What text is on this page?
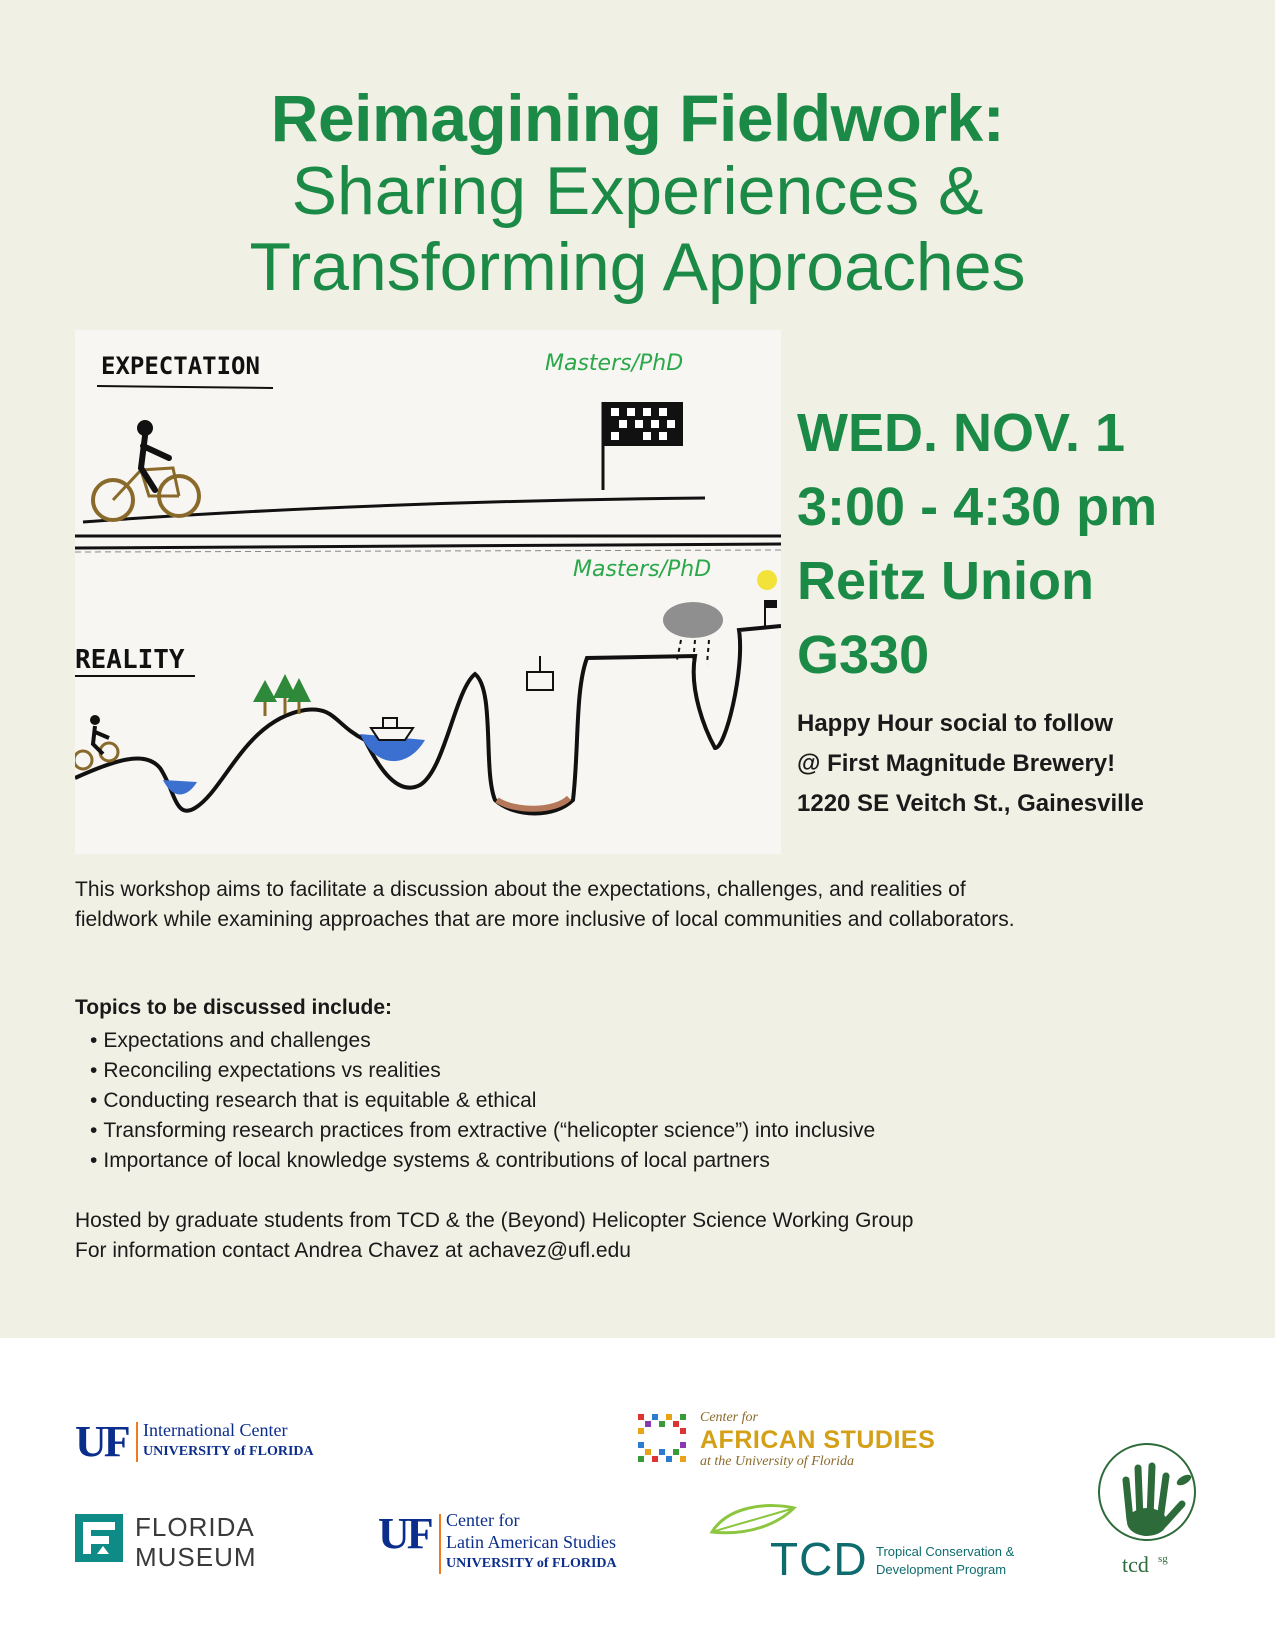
Reimagining Fieldwork:
Sharing Experiences &
Transforming Approaches
EXPECTATION	Masters/PhD
Masters/PhD
REALITY
WED. NOV. 1
3:00 - 4:30 pm
Reitz Union
G330
Happy Hour social to follow
@ First Magnitude Brewery!
1220 SE Veitch St., Gainesville

This workshop aims to facilitate a discussion about the expectations, challenges, and realities of fieldwork while examining approaches that are more inclusive of local communities and collaborators.

Topics to be discussed include:
• Expectations and challenges
• Reconciling expectations vs realities
• Conducting research that is equitable & ethical
• Transforming research practices from extractive (“helicopter science”) into inclusive
• Importance of local knowledge systems & contributions of local partners
Hosted by graduate students from TCD & the (Beyond) Helicopter Science Working Group
For information contact Andrea Chavez at achavez@ufl.edu
UF International Center
UNIVERSITY of FLORIDA
Center for
AFRICAN STUDIES
at the University of Florida
tcd sg
FLORIDA
MUSEUM	UF Center for
Latin American Studies
UNIVERSITY of FLORIDA	TCD Tropical Conservation &
Development Program
